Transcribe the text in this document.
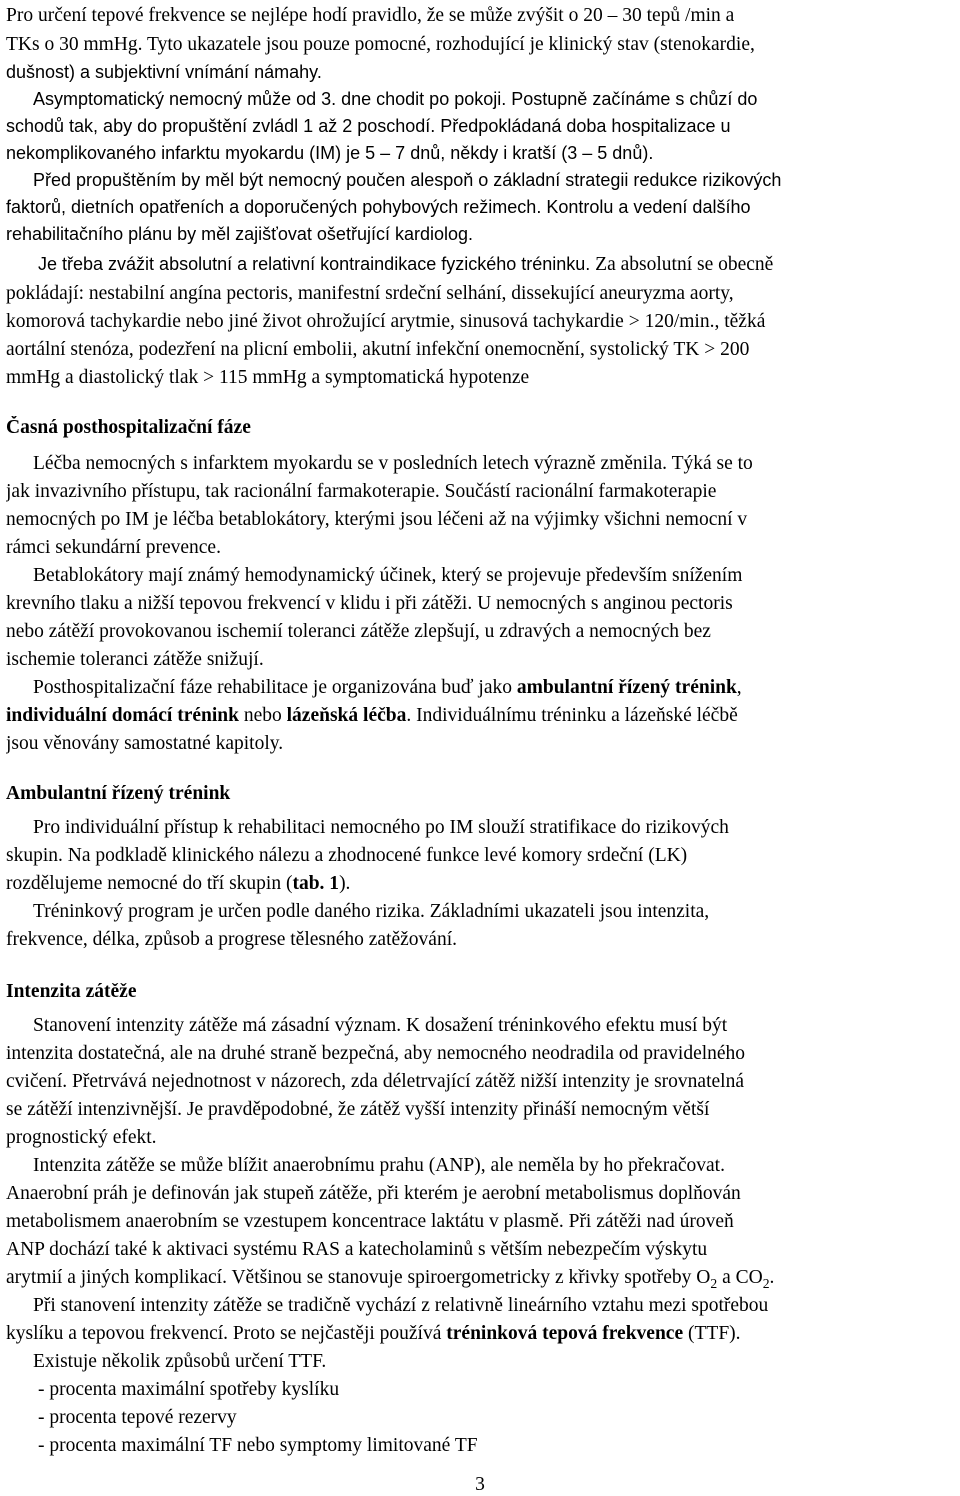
Pro určení tepové frekvence se nejlépe hodí pravidlo, že se může zvýšit o 20 – 30 tepů /min a
TKs o 30 mmHg. Tyto ukazatele jsou pouze pomocné, rozhodující je klinický stav (stenokardie,
dušnost) a subjektivní vnímání námahy.
Asymptomatický nemocný může od 3. dne chodit po pokoji. Postupně začínáme s chůzí do
schodů tak, aby do propuštění zvládl 1 až 2 poschodí. Předpokládaná doba hospitalizace u
nekomplikovaného infarktu myokardu (IM) je 5 – 7 dnů, někdy i kratší (3 – 5 dnů).
Před propuštěním by měl být nemocný poučen alespoň o základní strategii redukce rizikových
faktorů, dietních opatřeních a doporučených pohybových režimech. Kontrolu a vedení dalšího
rehabilitačního plánu by měl zajišťovat ošetřující kardiolog.
Je třeba zvážit absolutní a relativní kontraindikace fyzického tréninku. Za absolutní se obecně
pokládají: nestabilní angína pectoris, manifestní srdeční selhání, dissekující aneuryzma aorty,
komorová tachykardie nebo jiné život ohrožující arytmie, sinusová tachykardie > 120/min., těžká
aortální stenóza, podezření na plicní embolii, akutní infekční onemocnění, systolický TK > 200
mmHg a diastolický tlak > 115 mmHg a symptomatická hypotenze
Časná posthospitalizační fáze
Léčba nemocných s infarktem myokardu se v posledních letech výrazně změnila. Týká se to
jak invazivního přístupu, tak racionální farmakoterapie. Součástí racionální farmakoterapie
nemocných po IM je léčba betablokátory, kterými jsou léčeni až na výjimky všichni nemocní v
rámci sekundární prevence.
Betablokátory mají známý hemodynamický účinek, který se projevuje především snížením
krevního tlaku a nižší tepovou frekvencí v klidu i při zátěži. U nemocných s anginou pectoris
nebo zátěží provokovanou ischemií toleranci zátěže zlepšují, u zdravých a nemocných bez
ischemie toleranci zátěže snižují.
Posthospitalizační fáze rehabilitace je organizována buď jako ambulantní řízený trénink,
individuální domácí trénink nebo lázeňská léčba. Individuálnímu tréninku a lázeňské léčbě
jsou věnovány samostatné kapitoly.
Ambulantní řízený trénink
Pro individuální přístup k rehabilitaci nemocného po IM slouží stratifikace do rizikových
skupin. Na podkladě klinického nálezu a zhodnocené funkce levé komory srdeční (LK)
rozdělujeme nemocné do tří skupin (tab. 1).
Tréninkový program je určen podle daného rizika. Základními ukazateli jsou intenzita,
frekvence, délka, způsob a progrese tělesného zatěžování.
Intenzita zátěže
Stanovení intenzity zátěže má zásadní význam. K dosažení tréninkového efektu musí být
intenzita dostatečná, ale na druhé straně bezpečná, aby nemocného neodradila od pravidelného
cvičení. Přetrvává nejednotnost v názorech, zda déletrvající zátěž nižší intenzity je srovnatelná
se zátěží intenzivnější. Je pravděpodobné, že zátěž vyšší intenzity přináší nemocným větší
prognostický efekt.
Intenzita zátěže se může blížit anaerobnímu prahu (ANP), ale neměla by ho překračovat.
Anaerobní práh je definován jak stupeň zátěže, při kterém je aerobní metabolismus doplňován
metabolismem anaerobním se vzestupem koncentrace laktátu v plasmě. Při zátěži nad úroveň
ANP dochází také k aktivaci systému RAS a katecholaminů s větším nebezpečím výskytu
arytmií a jiných komplikací. Většinou se stanovuje spiroergometricky z křivky spotřeby $O_2$ a $CO_2$.
Při stanovení intenzity zátěže se tradičně vychází z relativně lineárního vztahu mezi spotřebou
kyslíku a tepovou frekvencí. Proto se nejčastěji používá tréninková tepová frekvence (TTF).
Existuje několik způsobů určení TTF.
- procenta maximální spotřeby kyslíku
- procenta tepové rezervy
- procenta maximální TF nebo symptomy limitované TF
3
